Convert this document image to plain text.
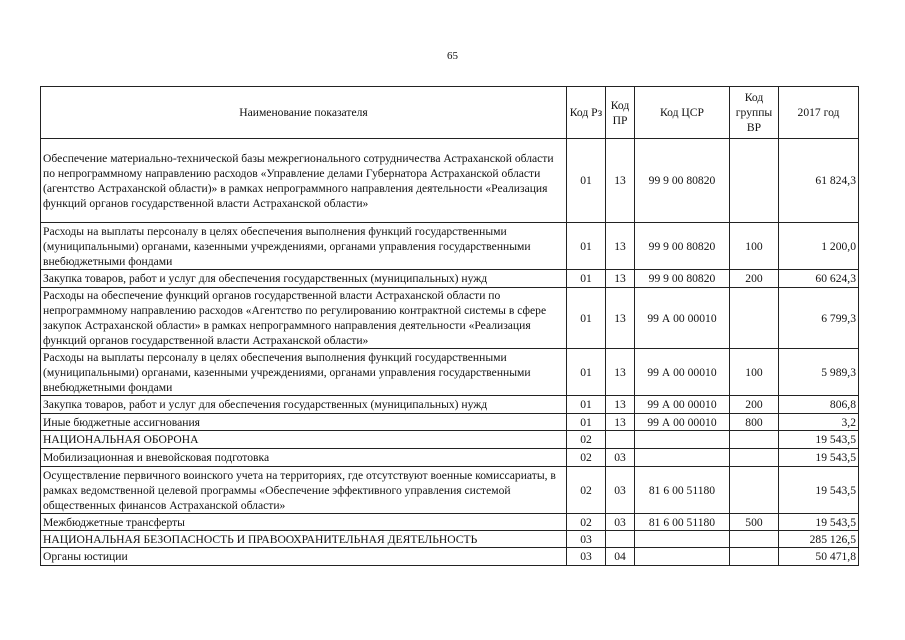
65
Наименование показателя	Код Рз	Код ПР	Код ЦСР	Код группы ВР	2017 год
Обеспечение материально-технической базы межрегионального сотрудничества Астраханской области по непрограммному направлению расходов «Управление делами Губернатора Астраханской области (агентство Астраханской области)» в рамках непрограммного направления деятельности «Реализация функций органов государственной власти Астраханской области»	01	13	99 9 00 80820		61 824,3
Расходы на выплаты персоналу в целях обеспечения выполнения функций государственными (муниципальными) органами, казенными учреждениями, органами управления государственными внебюджетными фондами	01	13	99 9 00 80820	100	1 200,0
Закупка товаров, работ и услуг для обеспечения государственных (муниципальных) нужд	01	13	99 9 00 80820	200	60 624,3
Расходы на обеспечение функций органов государственной власти Астраханской области по непрограммному направлению расходов «Агентство по регулированию контрактной системы в сфере закупок Астраханской области» в рамках непрограммного направления деятельности «Реализация функций органов государственной власти Астраханской области»	01	13	99 А 00 00010		6 799,3
Расходы на выплаты персоналу в целях обеспечения выполнения функций государственными (муниципальными) органами, казенными учреждениями, органами управления государственными внебюджетными фондами	01	13	99 А 00 00010	100	5 989,3
Закупка товаров, работ и услуг для обеспечения государственных (муниципальных) нужд	01	13	99 А 00 00010	200	806,8
Иные бюджетные ассигнования	01	13	99 А 00 00010	800	3,2
НАЦИОНАЛЬНАЯ ОБОРОНА	02				19 543,5
Мобилизационная и вневойсковая подготовка	02	03			19 543,5
Осуществление первичного воинского учета на территориях, где отсутствуют военные комиссариаты, в рамках ведомственной целевой программы «Обеспечение эффективного управления системой общественных финансов Астраханской области»	02	03	81 6 00 51180		19 543,5
Межбюджетные трансферты	02	03	81 6 00 51180	500	19 543,5
НАЦИОНАЛЬНАЯ БЕЗОПАСНОСТЬ И ПРАВООХРАНИТЕЛЬНАЯ ДЕЯТЕЛЬНОСТЬ	03				285 126,5
Органы юстиции	03	04			50 471,8
